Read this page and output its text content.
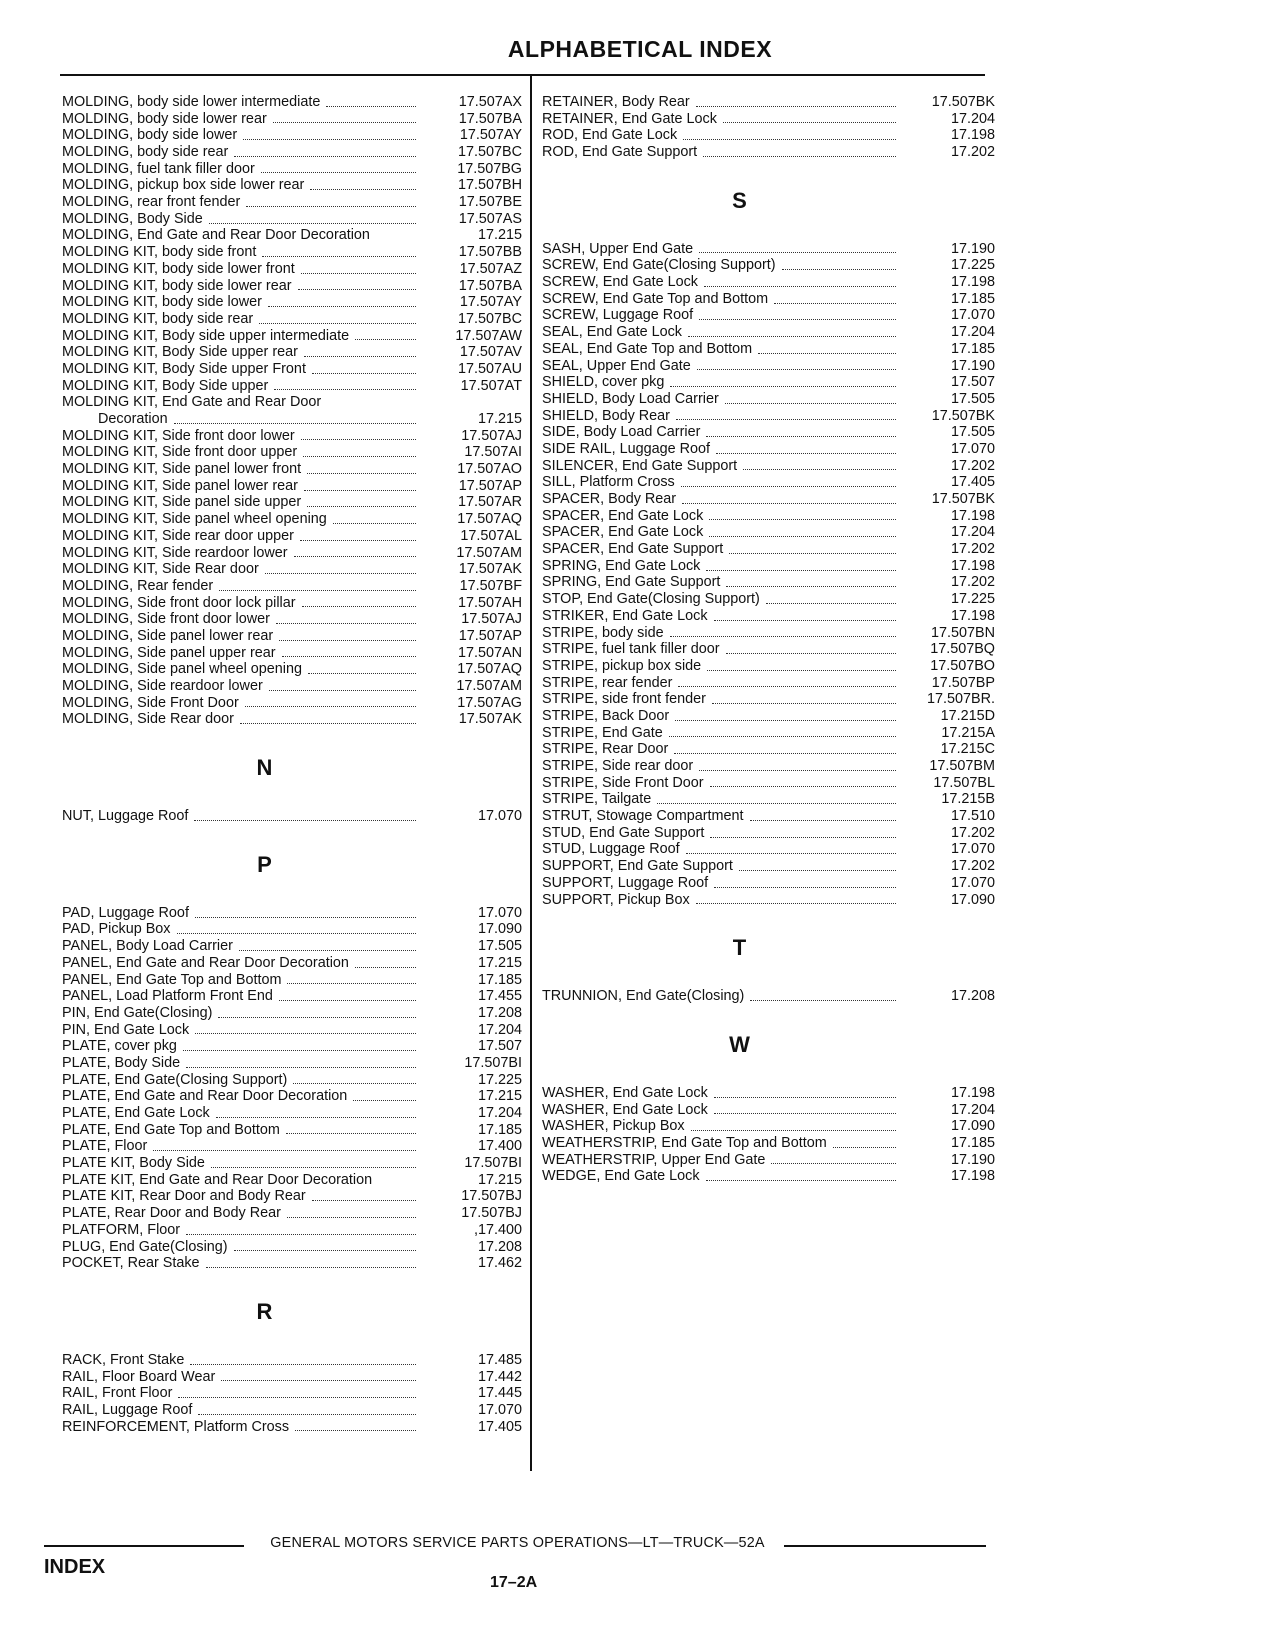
ALPHABETICAL INDEX
MOLDING, body side lower intermediate	17.507AX
MOLDING, body side lower rear	17.507BA
MOLDING, body side lower	17.507AY
MOLDING, body side rear	17.507BC
MOLDING, fuel tank filler door	17.507BG
MOLDING, pickup box side lower rear	17.507BH
MOLDING, rear front fender	17.507BE
MOLDING, Body Side	17.507AS
MOLDING, End Gate and Rear Door Decoration	17.215
MOLDING KIT, body side front	17.507BB
MOLDING KIT, body side lower front	17.507AZ
MOLDING KIT, body side lower rear	17.507BA
MOLDING KIT, body side lower	17.507AY
MOLDING KIT, body side rear	17.507BC
MOLDING KIT, Body side upper intermediate	17.507AW
MOLDING KIT, Body Side upper rear	17.507AV
MOLDING KIT, Body Side upper Front	17.507AU
MOLDING KIT, Body Side upper	17.507AT
MOLDING KIT, End Gate and Rear Door
Decoration	17.215
MOLDING KIT, Side front door lower	17.507AJ
MOLDING KIT, Side front door upper	17.507AI
MOLDING KIT, Side panel lower front	17.507AO
MOLDING KIT, Side panel lower rear	17.507AP
MOLDING KIT, Side panel side upper	17.507AR
MOLDING KIT, Side panel wheel opening	17.507AQ
MOLDING KIT, Side rear door upper	17.507AL
MOLDING KIT, Side reardoor lower	17.507AM
MOLDING KIT, Side Rear door	17.507AK
MOLDING, Rear fender	17.507BF
MOLDING, Side front door lock pillar	17.507AH
MOLDING, Side front door lower	17.507AJ
MOLDING, Side panel lower rear	17.507AP
MOLDING, Side panel upper rear	17.507AN
MOLDING, Side panel wheel opening	17.507AQ
MOLDING, Side reardoor lower	17.507AM
MOLDING, Side Front Door	17.507AG
MOLDING, Side Rear door	17.507AK
N
NUT, Luggage Roof	17.070
P
PAD, Luggage Roof	17.070
PAD, Pickup Box	17.090
PANEL, Body Load Carrier	17.505
PANEL, End Gate and Rear Door Decoration	17.215
PANEL, End Gate Top and Bottom	17.185
PANEL, Load Platform Front End	17.455
PIN, End Gate(Closing)	17.208
PIN, End Gate Lock	17.204
PLATE, cover pkg	17.507
PLATE, Body Side	17.507BI
PLATE, End Gate(Closing Support)	17.225
PLATE, End Gate and Rear Door Decoration	17.215
PLATE, End Gate Lock	17.204
PLATE, End Gate Top and Bottom	17.185
PLATE, Floor	17.400
PLATE KIT, Body Side	17.507BI
PLATE KIT, End Gate and Rear Door Decoration	17.215
PLATE KIT, Rear Door and Body Rear	17.507BJ
PLATE, Rear Door and Body Rear	17.507BJ
PLATFORM, Floor	,17.400
PLUG, End Gate(Closing)	17.208
POCKET, Rear Stake	17.462
R
RACK, Front Stake	17.485
RAIL, Floor Board Wear	17.442
RAIL, Front Floor	17.445
RAIL, Luggage Roof	17.070
REINFORCEMENT, Platform Cross	17.405
RETAINER, Body Rear	17.507BK
RETAINER, End Gate Lock	17.204
ROD, End Gate Lock	17.198
ROD, End Gate Support	17.202
S
SASH, Upper End Gate	17.190
SCREW, End Gate(Closing Support)	17.225
SCREW, End Gate Lock	17.198
SCREW, End Gate Top and Bottom	17.185
SCREW, Luggage Roof	17.070
SEAL, End Gate Lock	17.204
SEAL, End Gate Top and Bottom	17.185
SEAL, Upper End Gate	17.190
SHIELD, cover pkg	17.507
SHIELD, Body Load Carrier	17.505
SHIELD, Body Rear	17.507BK
SIDE, Body Load Carrier	17.505
SIDE RAIL, Luggage Roof	17.070
SILENCER, End Gate Support	17.202
SILL, Platform Cross	17.405
SPACER, Body Rear	17.507BK
SPACER, End Gate Lock	17.198
SPACER, End Gate Lock	17.204
SPACER, End Gate Support	17.202
SPRING, End Gate Lock	17.198
SPRING, End Gate Support	17.202
STOP, End Gate(Closing Support)	17.225
STRIKER, End Gate Lock	17.198
STRIPE, body side	17.507BN
STRIPE, fuel tank filler door	17.507BQ
STRIPE, pickup box side	17.507BO
STRIPE, rear fender	17.507BP
STRIPE, side front fender	17.507BR.
STRIPE, Back Door	17.215D
STRIPE, End Gate	17.215A
STRIPE, Rear Door	17.215C
STRIPE, Side rear door	17.507BM
STRIPE, Side Front Door	17.507BL
STRIPE, Tailgate	17.215B
STRUT, Stowage Compartment	17.510
STUD, End Gate Support	17.202
STUD, Luggage Roof	17.070
SUPPORT, End Gate Support	17.202
SUPPORT, Luggage Roof	17.070
SUPPORT, Pickup Box	17.090
T
TRUNNION, End Gate(Closing)	17.208
W
WASHER, End Gate Lock	17.198
WASHER, End Gate Lock	17.204
WASHER, Pickup Box	17.090
WEATHERSTRIP, End Gate Top and Bottom	17.185
WEATHERSTRIP, Upper End Gate	17.190
WEDGE, End Gate Lock	17.198
GENERAL MOTORS SERVICE PARTS OPERATIONS—LT—TRUCK—52A
INDEX
17–2A
